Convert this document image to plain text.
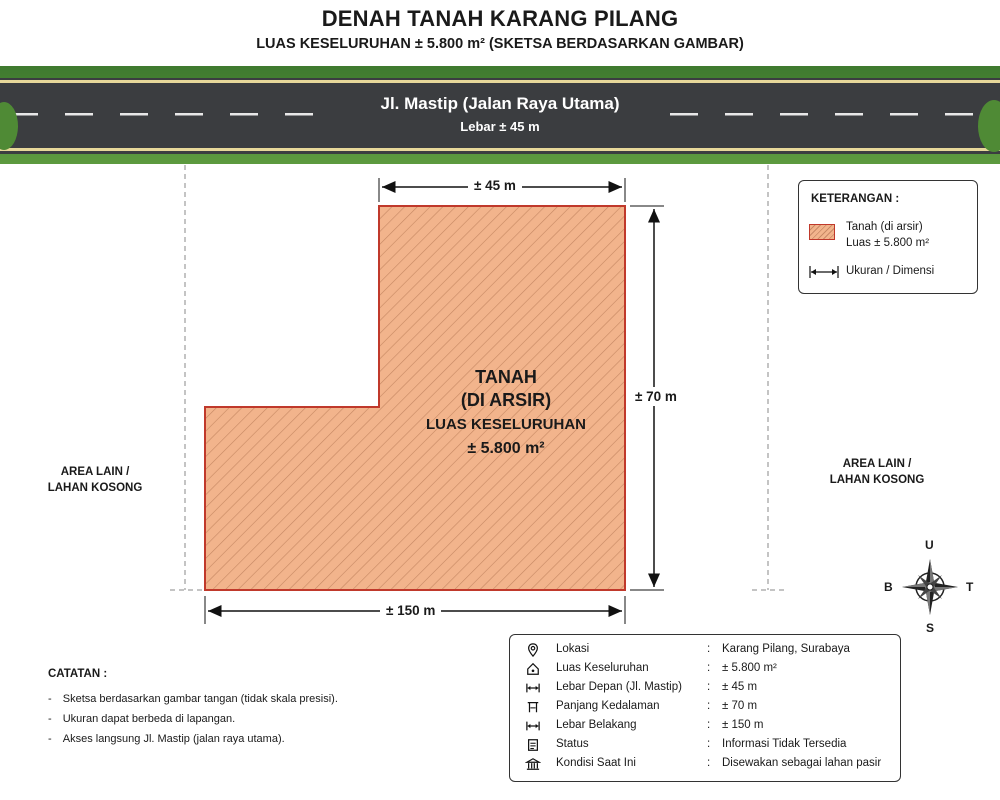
DENAH TANAH KARANG PILANG
LUAS KESELURUHAN ± 5.800 m² (SKETSA BERDASARKAN GAMBAR)
Jl. Mastip (Jalan Raya Utama)
Lebar ± 45 m
± 45 m
± 70 m
± 150 m
TANAH
(DI ARSIR)
LUAS KESELURUHAN
± 5.800 m²
AREA LAIN /
LAHAN KOSONG
AREA LAIN /
LAHAN KOSONG
KETERANGAN :
Tanah (di arsir)
Luas ± 5.800 m²
Ukuran / Dimensi
U
S
B	T
CATATAN :
- Sketsa berdasarkan gambar tangan (tidak skala presisi).
- Ukuran dapat berbeda di lapangan.
- Akses langsung Jl. Mastip (jalan raya utama).
Lokasi	: Karang Pilang, Surabaya
Luas Keseluruhan	: ± 5.800 m²
Lebar Depan (Jl. Mastip) : ± 45 m
Panjang Kedalaman	: ± 70 m
Lebar Belakang	: ± 150 m
Status	: Informasi Tidak Tersedia
Kondisi Saat Ini	: Disewakan sebagai lahan pasir
